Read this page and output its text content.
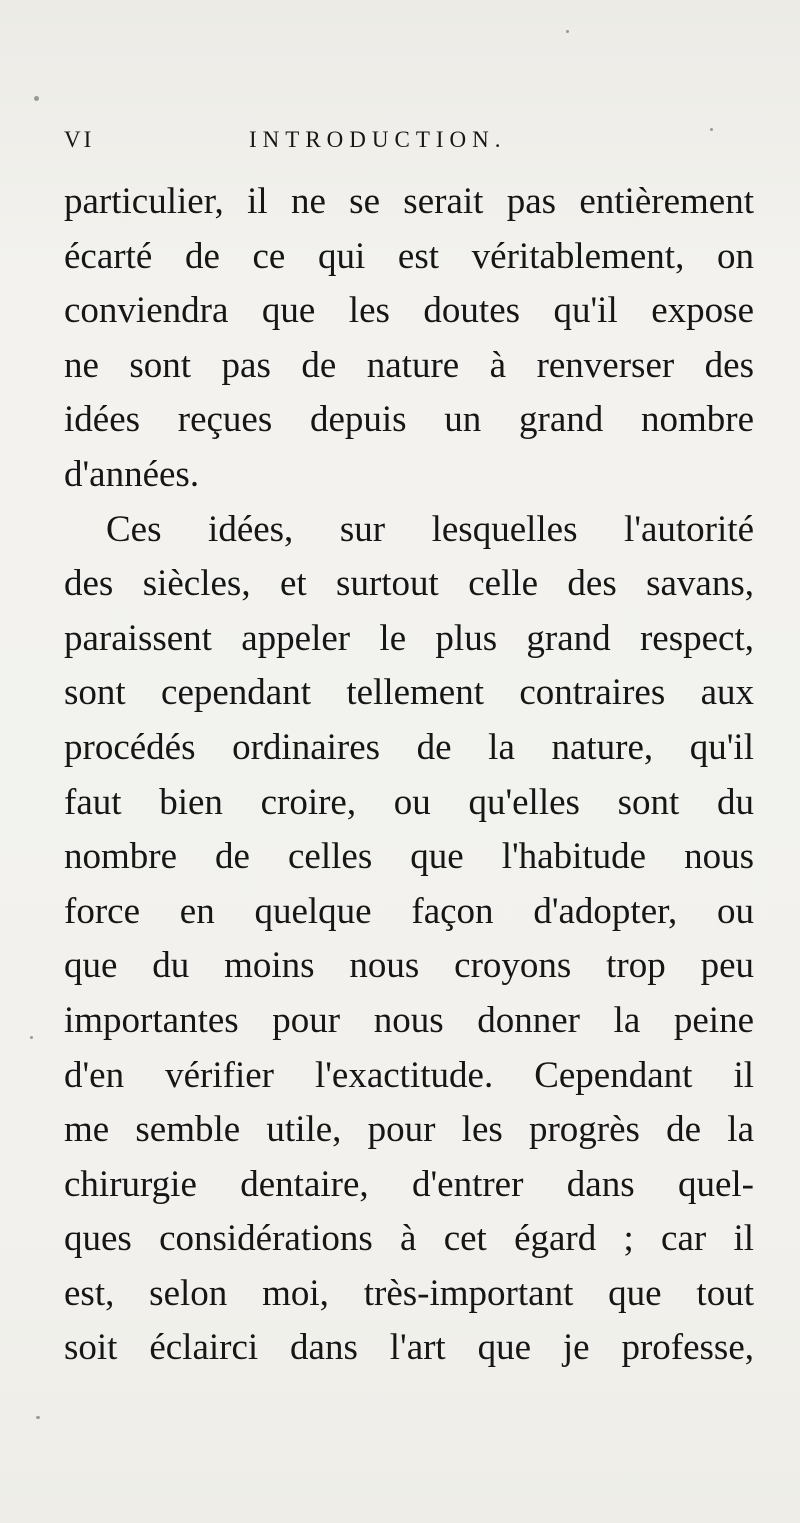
VI	INTRODUCTION.
particulier, il ne se serait pas entièrement
écarté de ce qui est véritablement, on
conviendra que les doutes qu'il expose
ne sont pas de nature à renverser des
idées reçues depuis un grand nombre
d'années.
Ces idées, sur lesquelles l'autorité
des siècles, et surtout celle des savans,
paraissent appeler le plus grand respect,
sont cependant tellement contraires aux
procédés ordinaires de la nature, qu'il
faut bien croire, ou qu'elles sont du
nombre de celles que l'habitude nous
force en quelque façon d'adopter, ou
que du moins nous croyons trop peu
importantes pour nous donner la peine
d'en vérifier l'exactitude. Cependant il
me semble utile, pour les progrès de la
chirurgie dentaire, d'entrer dans quel-
ques considérations à cet égard ; car il
est, selon moi, très-important que tout
soit éclairci dans l'art que je professe,
